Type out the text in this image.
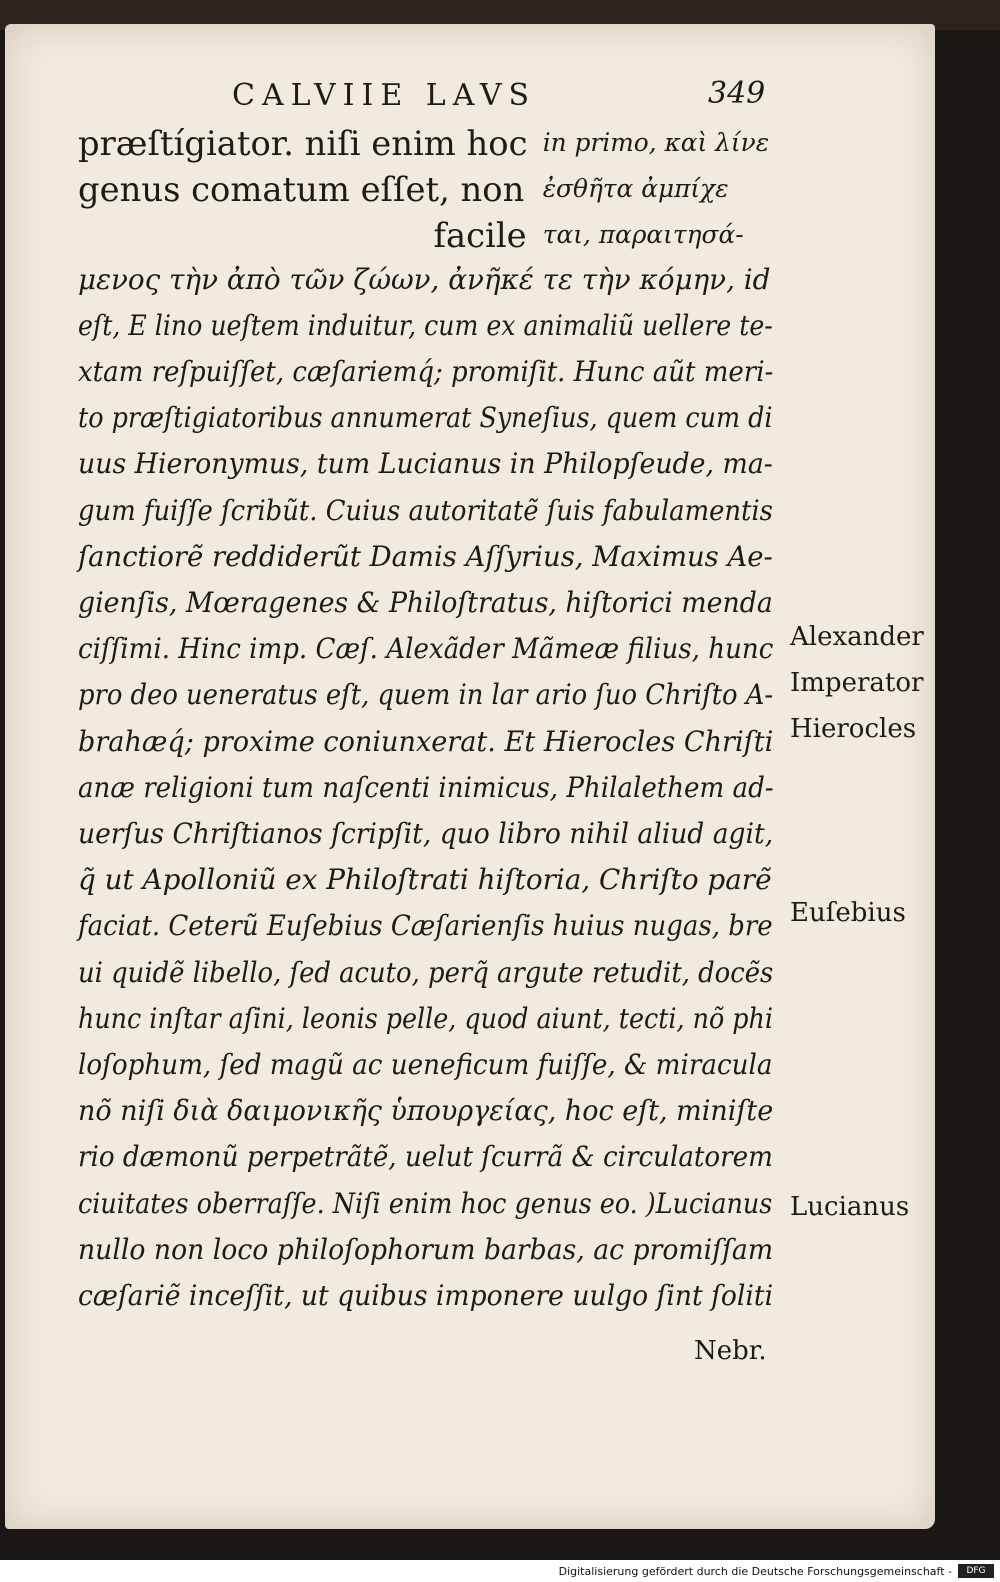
CALVIIE LAVS	349
præſtígiator. niſi enim hoc in primo, καὶ λίνε
genus comatum eſſet, non ἐσθῆτα ἀμπίχε
facile ται, παραιτησά-
μενος τὴν ἀπὸ τῶν ζώων, ἀνῆκέ τε τὴν κόμην, id
eſt, E lino ueſtem induitur, cum ex animaliũ uellere te-
xtam reſpuiſſet, cæſariemq́; promiſit. Hunc aũt meri-
to præſtigiatoribus annumerat Syneſius, quem cum di
uus Hieronymus, tum Lucianus in Philopſeude, ma-
gum fuiſſe ſcribũt. Cuius autoritatẽ ſuis fabulamentis
ſanctiorẽ reddiderũt Damis Aſſyrius, Maximus Ae-
gienſis, Mœragenes & Philoſtratus, hiſtorici menda
ciſſimi. Hinc imp. Cæſ. Alexãder Mãmeæ filius, hunc
pro deo ueneratus eſt, quem in lar ario ſuo Chriſto A-
brahæq́; proxime coniunxerat. Et Hierocles Chriſti
anæ religioni tum naſcenti inimicus, Philalethem ad-
uerſus Chriſtianos ſcripſit, quo libro nihil aliud agit,
q̃ ut Apolloniũ ex Philoſtrati hiſtoria, Chriſto parẽ
faciat. Ceterũ Euſebius Cæſarienſis huius nugas, bre
ui quidẽ libello, ſed acuto, perq̃ argute retudit, docẽs
hunc inſtar aſini, leonis pelle, quod aiunt, tecti, nõ phi
loſophum, ſed magũ ac ueneficum fuiſſe, & miracula
nõ niſi διὰ δαιμονικῆς ὑπουργείας, hoc eſt, miniſte
rio dæmonũ perpetrãtẽ, uelut ſcurrã & circulatorem
ciuitates oberraſſe. Niſi enim hoc genus eo. )Lucianus
nullo non loco philoſophorum barbas, ac promiſſam
cæſariẽ inceſſit, ut quibus imponere uulgo ſint ſoliti
Alexander
Imperator
Hierocles
Euſebius
Lucianus
Nebr.
Digitalisierung gefördert durch die Deutsche Forschungsgemeinschaft -	DFG
